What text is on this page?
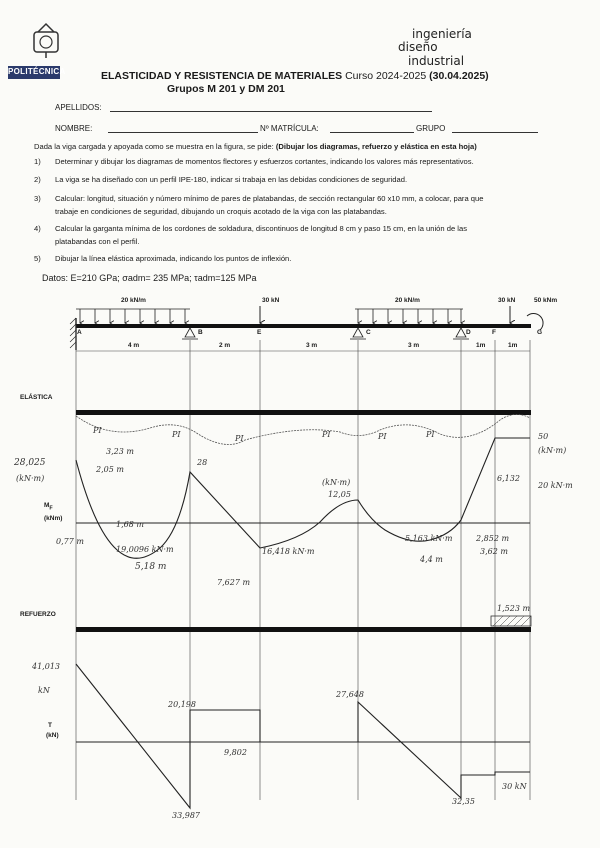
POLITÉCNICA
ingeniería
diseño
industrial
ELASTICIDAD Y RESISTENCIA DE MATERIALES Curso 2024-2025 (30.04.2025)
Grupos M 201 y DM 201
APELLIDOS:
NOMBRE:	Nº MATRÍCULA:	GRUPO
Dada la viga cargada y apoyada como se muestra en la figura, se pide: (Dibujar los diagramas, refuerzo y elástica en esta hoja)
1) Determinar y dibujar los diagramas de momentos flectores y esfuerzos cortantes, indicando los valores más representativos.
2) La viga se ha diseñado con un perfil IPE-180, indicar si trabaja en las debidas condiciones de seguridad.
3) Calcular: longitud, situación y número mínimo de pares de platabandas, de sección rectangular 60 x10 mm, a colocar, para que
trabaje en condiciones de seguridad, dibujando un croquis acotado de la viga con las platabandas.
4) Calcular la garganta mínima de los cordones de soldadura, discontinuos de longitud 8 cm y paso 15 cm, en la unión de las
platabandas con el perfil.
5) Dibujar la línea elástica aproximada, indicando los puntos de inflexión.
Datos: E=210 GPa; σadm= 235 MPa; τadm=125 MPa
20 kN/m	30 kN	20 kN/m	30 kN	50 kNm
A	B	E	C	D	F	G
4 m	2 m	3 m	3 m	1m	1m
ELÁSTICA
$M_F$
(kNm)
REFUERZO
T
(kN)
PI	PI	PI	PI	PI	PI
28,025
(kN·m)
3,23 m
2,05 m
0,77 m
1,68 m
19,0096 kN·m
5,18 m
28
16,418 kN·m
(kN·m)
12,05
7,627 m
50
(kN·m)
6,132
20 kN·m
5,163 kN·m	2,852 m
4,4 m
3,62 m
1,523 m
41,013
kN
20,198
27,648
9,802
30 kN
33,987
32,35
